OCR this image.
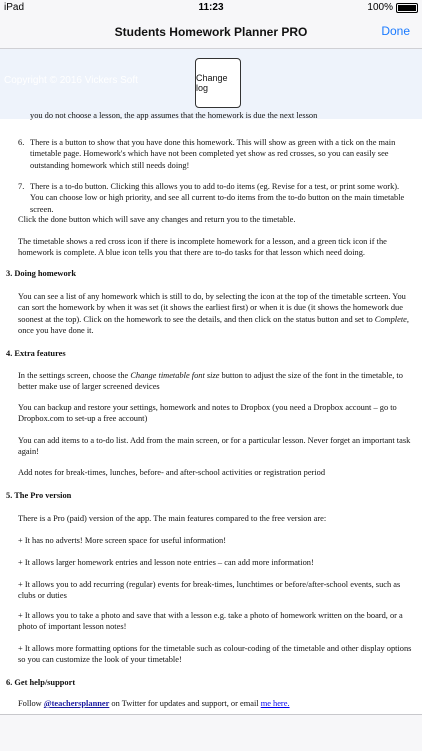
iPad	11:23	100%
Students Homework Planner PRO	Done
Copyright © 2016 Vickers Soft

you do not choose a lesson, the app assumes that the homework is due the next lesson

6. There is a button to show that you have done this homework. This will show as green with a tick on the main timetable page. Homework's which have not been completed yet show as red crosses, so you can easily see outstanding homework which still needs doing!
7. There is a to-do button. Clicking this allows you to add to-do items (eg. Revise for a test, or print some work). You can choose low or high priority, and see all current to-do items from the to-do button on the main timetable screen.

Click the done button which will save any changes and return you to the timetable.

The timetable shows a red cross icon if there is incomplete homework for a lesson, and a green tick icon if the homework is complete. A blue icon tells you that there are to-do tasks for that lesson which need doing.

3. Doing homework

You can see a list of any homework which is still to do, by selecting the icon at the top of the timetable scrteen. You can sort the homework by when it was set (it shows the earliest first) or when it is due (it shows the homework due soonest at the top). Click on the homework to see the details, and then click on the status button and set to Complete, once you have done it.

4. Extra features

In the settings screen, choose the Change timetable font size button to adjust the size of the font in the timetable, to better make use of larger screened devices

You can backup and restore your settings, homework and notes to Dropbox (you need a Dropbox account – go to Dropbox.com to set-up a free account)

You can add items to a to-do list. Add from the main screen, or for a particular lesson. Never forget an important task again!

Add notes for break-times, lunches, before- and after-school activities or registration period

5. The Pro version

There is a Pro (paid) version of the app. The main features compared to the free version are:

+ It has no adverts! More screen space for useful information!

+ It allows larger homework entries and lesson note entries – can add more information!

+ It allows you to add recurring (regular) events for break-times, lunchtimes or before/after-school events, such as clubs or duties

+ It allows you to take a photo and save that with a lesson e.g. take a photo of homework written on the board, or a photo of important lesson notes!

+ It allows more formatting options for the timetable such as colour-coding of the timetable and other display options so you can customize the look of your timetable!

6. Get help/support

Follow @teachersplanner on Twitter for updates and support, or email me here.

Change log
